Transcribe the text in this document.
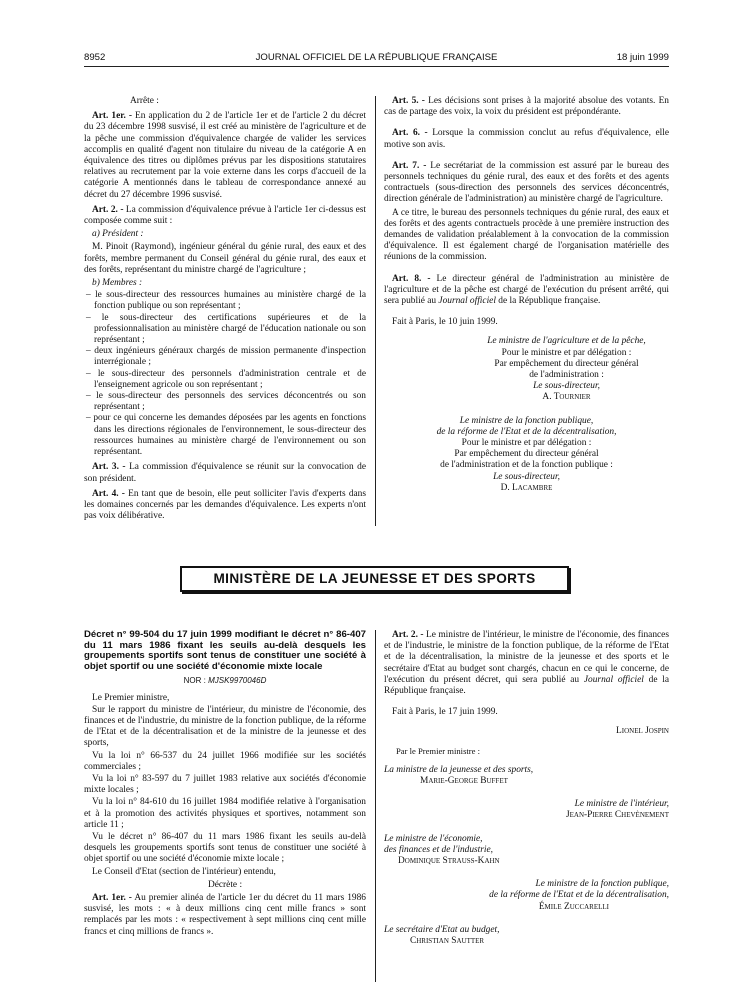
8952	JOURNAL OFFICIEL DE LA RÉPUBLIQUE FRANÇAISE	18 juin 1999

Arrête :

Art. 1er. - En application du 2 de l'article 1er et de l'article 2 du décret du 23 décembre 1998 susvisé, il est créé au ministère de l'agriculture et de la pêche une commission d'équivalence chargée de valider les services accomplis en qualité d'agent non titulaire du niveau de la catégorie A en équivalence des titres ou diplômes prévus par les dispositions statutaires relatives au recrutement par la voie externe dans les corps d'accueil de la catégorie A mentionnés dans le tableau de correspondance annexé au décret du 27 décembre 1996 susvisé.

Art. 2. - La commission d'équivalence prévue à l'article 1er ci-dessus est composée comme suit :

a) Président :

M. Pinoit (Raymond), ingénieur général du génie rural, des eaux et des forêts, membre permanent du Conseil général du génie rural, des eaux et des forêts, représentant du ministre chargé de l'agriculture ;

b) Membres :

– le sous-directeur des ressources humaines au ministère chargé de la fonction publique ou son représentant ;
– le sous-directeur des certifications supérieures et de la professionnalisation au ministère chargé de l'éducation nationale ou son représentant ;
– deux ingénieurs généraux chargés de mission permanente d'inspection interrégionale ;
– le sous-directeur des personnels d'administration centrale et de l'enseignement agricole ou son représentant ;
– le sous-directeur des personnels des services déconcentrés ou son représentant ;
– pour ce qui concerne les demandes déposées par les agents en fonctions dans les directions régionales de l'environnement, le sous-directeur des ressources humaines au ministère chargé de l'environnement ou son représentant.

Art. 3. - La commission d'équivalence se réunit sur la convocation de son président.

Art. 4. - En tant que de besoin, elle peut solliciter l'avis d'experts dans les domaines concernés par les demandes d'équivalence. Les experts n'ont pas voix délibérative.

Art. 5. - Les décisions sont prises à la majorité absolue des votants. En cas de partage des voix, la voix du président est prépondérante.

Art. 6. - Lorsque la commission conclut au refus d'équivalence, elle motive son avis.

Art. 7. - Le secrétariat de la commission est assuré par le bureau des personnels techniques du génie rural, des eaux et des forêts et des agents contractuels (sous-direction des personnels des services déconcentrés, direction générale de l'administration) au ministère chargé de l'agriculture.

A ce titre, le bureau des personnels techniques du génie rural, des eaux et des forêts et des agents contractuels procède à une première instruction des demandes de validation préalablement à la convocation de la commission d'équivalence. Il est également chargé de l'organisation matérielle des réunions de la commission.

Art. 8. - Le directeur général de l'administration au ministère de l'agriculture et de la pêche est chargé de l'exécution du présent arrêté, qui sera publié au Journal officiel de la République française.

Fait à Paris, le 10 juin 1999.

Le ministre de l'agriculture et de la pêche,
Pour le ministre et par délégation :
Par empêchement du directeur général
de l'administration :
Le sous-directeur,
A. Tournier
Le ministre de la fonction publique,
de la réforme de l'Etat et de la décentralisation,
Pour le ministre et par délégation :
Par empêchement du directeur général
de l'administration et de la fonction publique :
Le sous-directeur,
D. Lacambre
MINISTÈRE DE LA JEUNESSE ET DES SPORTS

Décret n° 99-504 du 17 juin 1999 modifiant le décret n° 86-407 du 11 mars 1986 fixant les seuils au-delà desquels les groupements sportifs sont tenus de constituer une société à objet sportif ou une société d'économie mixte locale

NOR : MJSK9970046D

Le Premier ministre,

Sur le rapport du ministre de l'intérieur, du ministre de l'économie, des finances et de l'industrie, du ministre de la fonction publique, de la réforme de l'Etat et de la décentralisation et de la ministre de la jeunesse et des sports,

Vu la loi n° 66-537 du 24 juillet 1966 modifiée sur les sociétés commerciales ;

Vu la loi n° 83-597 du 7 juillet 1983 relative aux sociétés d'économie mixte locales ;

Vu la loi n° 84-610 du 16 juillet 1984 modifiée relative à l'organisation et à la promotion des activités physiques et sportives, notamment son article 11 ;

Vu le décret n° 86-407 du 11 mars 1986 fixant les seuils au-delà desquels les groupements sportifs sont tenus de constituer une société à objet sportif ou une société d'économie mixte locale ;

Le Conseil d'Etat (section de l'intérieur) entendu,

Décrète :

Art. 1er. - Au premier alinéa de l'article 1er du décret du 11 mars 1986 susvisé, les mots : « à deux millions cinq cent mille francs » sont remplacés par les mots : « respectivement à sept millions cinq cent mille francs et cinq millions de francs ».

Art. 2. - Le ministre de l'intérieur, le ministre de l'économie, des finances et de l'industrie, le ministre de la fonction publique, de la réforme de l'Etat et de la décentralisation, la ministre de la jeunesse et des sports et le secrétaire d'Etat au budget sont chargés, chacun en ce qui le concerne, de l'exécution du présent décret, qui sera publié au Journal officiel de la République française.

Fait à Paris, le 17 juin 1999.

Lionel Jospin

Par le Premier ministre :

La ministre de la jeunesse et des sports,
Marie-George Buffet
Le ministre de l'intérieur,
Jean-Pierre Chevènement
Le ministre de l'économie,
des finances et de l'industrie,
Dominique Strauss-Kahn
Le ministre de la fonction publique,
de la réforme de l'Etat et de la décentralisation,
Émile Zuccarelli
Le secrétaire d'Etat au budget,
Christian Sautter
